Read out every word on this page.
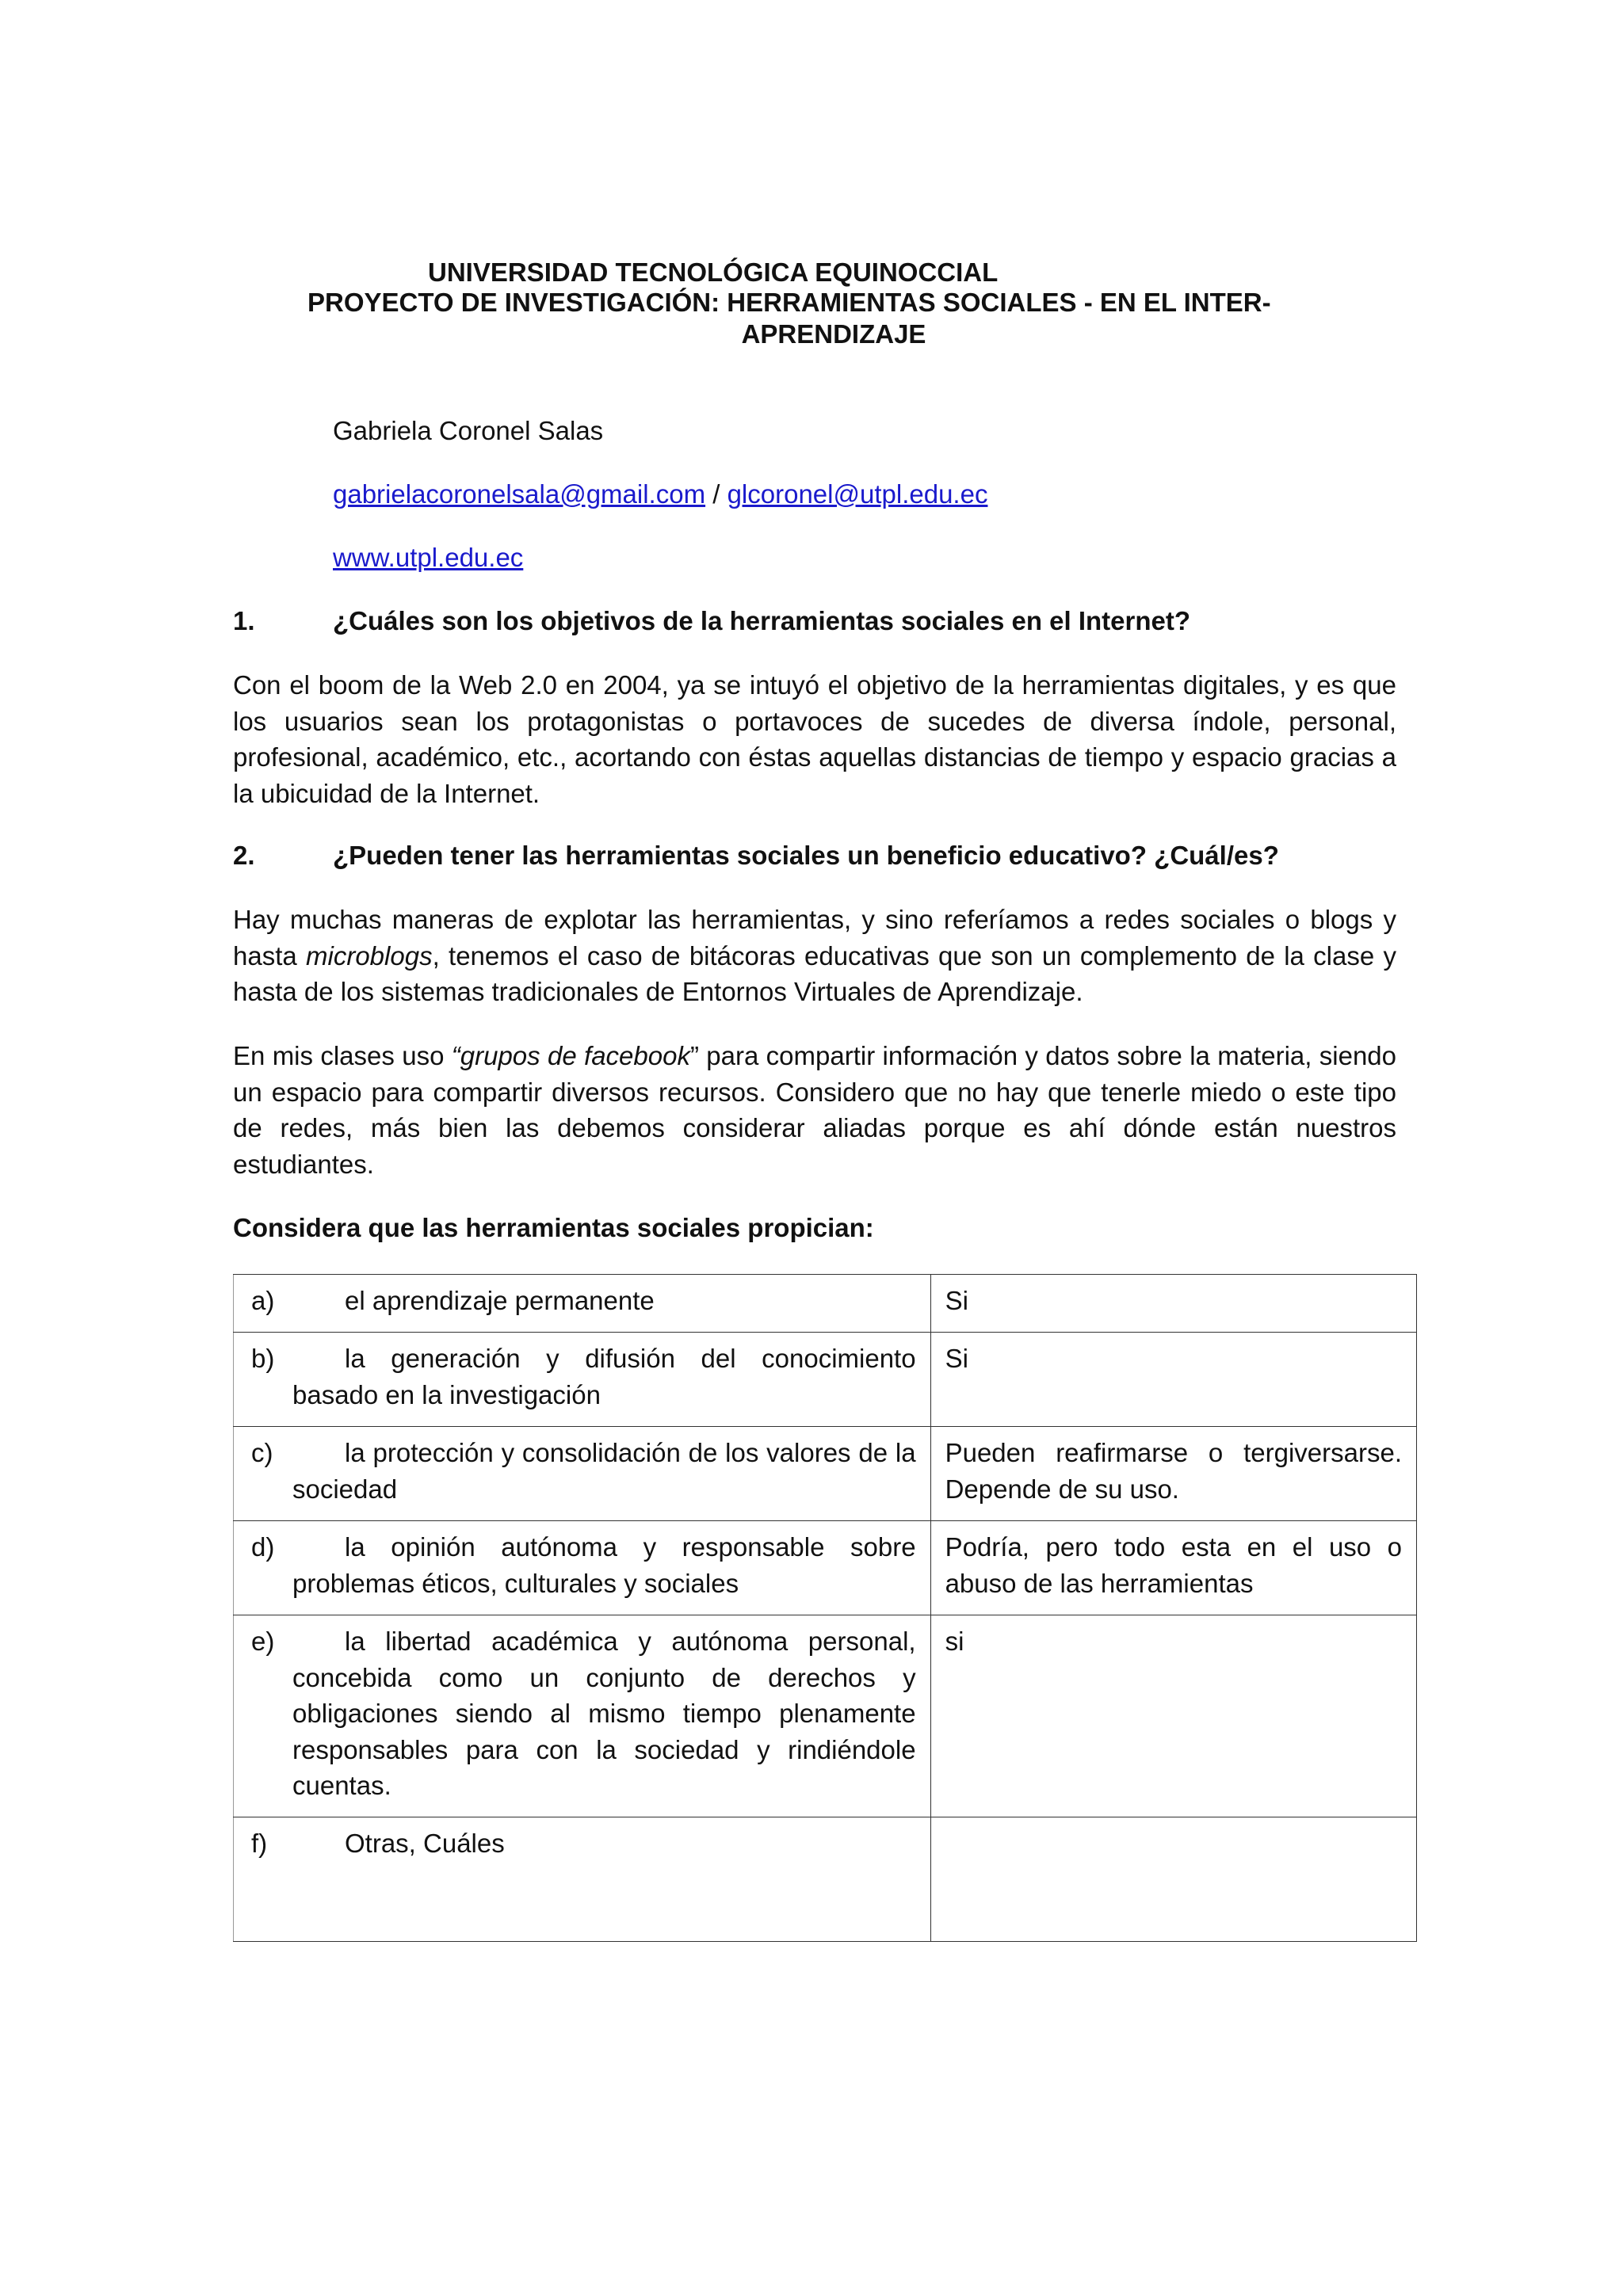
UNIVERSIDAD TECNOLÓGICA EQUINOCCIAL
PROYECTO DE INVESTIGACIÓN: HERRAMIENTAS SOCIALES - EN EL INTER-
APRENDIZAJE
Gabriela Coronel Salas
gabrielacoronelsala@gmail.com / glcoronel@utpl.edu.ec
www.utpl.edu.ec
1.	¿Cuáles son los objetivos de la herramientas sociales en el Internet?

Con el boom de la Web 2.0 en 2004, ya se intuyó el objetivo de la herramientas digitales, y es que los usuarios sean los protagonistas o portavoces de sucedes de diversa índole, personal, profesional, académico, etc., acortando con éstas aquellas distancias de tiempo y espacio gracias a la ubicuidad de la Internet.

2.	¿Pueden tener las herramientas sociales un beneficio educativo? ¿Cuál/es?

Hay muchas maneras de explotar las herramientas, y sino referíamos a redes sociales o blogs y hasta microblogs, tenemos el caso de bitácoras educativas que son un complemento de la clase y hasta de los sistemas tradicionales de Entornos Virtuales de Aprendizaje.

En mis clases uso “grupos de facebook” para compartir información y datos sobre la materia, siendo un espacio para compartir diversos recursos. Considero que no hay que tenerle miedo o este tipo de redes, más bien las debemos considerar aliadas porque es ahí dónde están nuestros estudiantes.

Considera que las herramientas sociales propician:
a) el aprendizaje permanente	Si

b) la generación y difusión del conocimiento basado en la investigación	Si

c) la protección y consolidación de los valores de la sociedad	Pueden reafirmarse o tergiversarse. Depende de su uso.

d) la opinión autónoma y responsable sobre problemas éticos, culturales y sociales	Podría, pero todo esta en el uso o abuso de las herramientas

e) la libertad académica y autónoma personal, concebida como un conjunto de derechos y obligaciones siendo al mismo tiempo plenamente responsables para con la sociedad y rindiéndole cuentas.	si

f) Otras, Cuáles	
